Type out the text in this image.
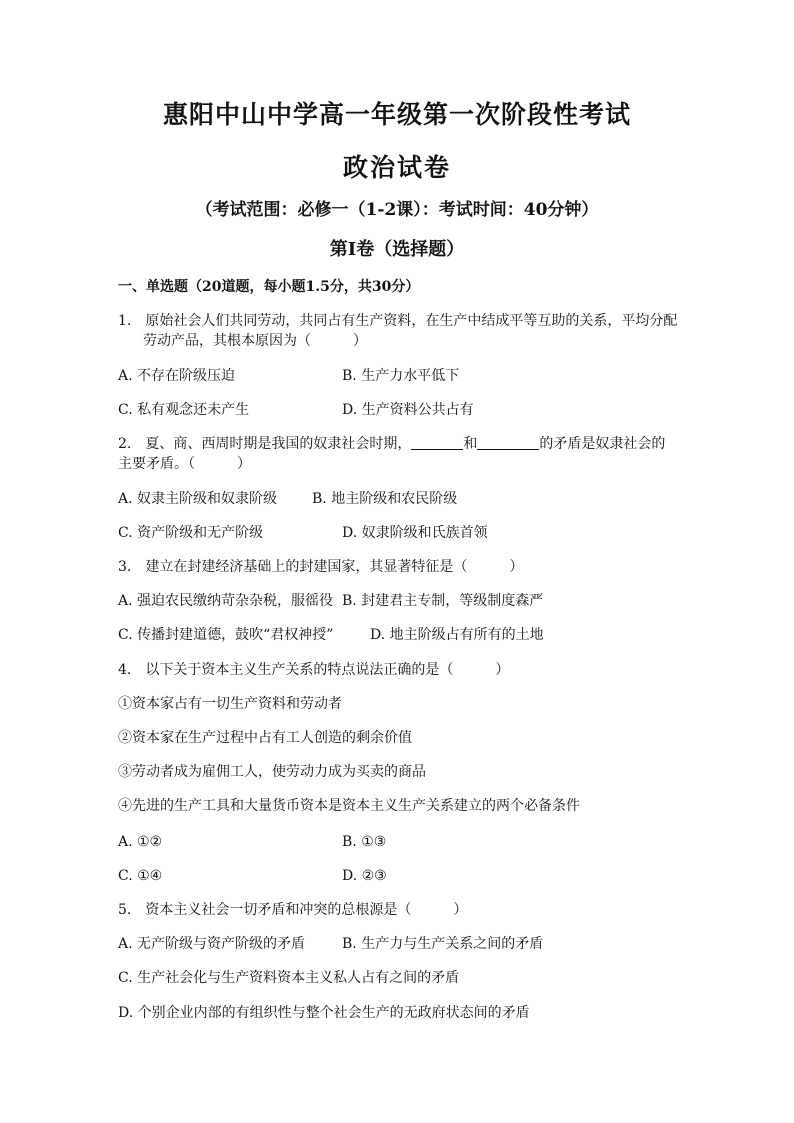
惠阳中山中学高一年级第一次阶段性考试
政治试卷
（考试范围：必修一（1-2课）：考试时间：40分钟）
第Ⅰ卷（选择题）
一、单选题（20道题，每小题1.5分，共30分）
1.　原始社会人们共同劳动，共同占有生产资料，在生产中结成平等互助的关系，平均分配
劳动产品，其根本原因为（　　　）
A. 不存在阶级压迫	B. 生产力水平低下
C. 私有观念还未产生	D. 生产资料公共占有
2.　夏、商、西周时期是我国的奴隶社会时期，	和	的矛盾是奴隶社会的
主要矛盾。（　　　）
A. 奴隶主阶级和奴隶阶级 B. 地主阶级和农民阶级
C. 资产阶级和无产阶级	D. 奴隶阶级和氏族首领
3.　建立在封建经济基础上的封建国家，其显著特征是（　　　）
A. 强迫农民缴纳苛杂杂税，服徭役 B. 封建君主专制，等级制度森严
C. 传播封建道德，鼓吹“君权神授”	D. 地主阶级占有所有的土地
4.　以下关于资本主义生产关系的特点说法正确的是（　　　）
①资本家占有一切生产资料和劳动者
②资本家在生产过程中占有工人创造的剩余价值
③劳动者成为雇佣工人，使劳动力成为买卖的商品
④先进的生产工具和大量货币资本是资本主义生产关系建立的两个必备条件
A. ①②	B. ①③
C. ①④	D. ②③
5.　资本主义社会一切矛盾和冲突的总根源是（　　　）
A. 无产阶级与资产阶级的矛盾	B. 生产力与生产关系之间的矛盾
C. 生产社会化与生产资料资本主义私人占有之间的矛盾
D. 个别企业内部的有组织性与整个社会生产的无政府状态间的矛盾
